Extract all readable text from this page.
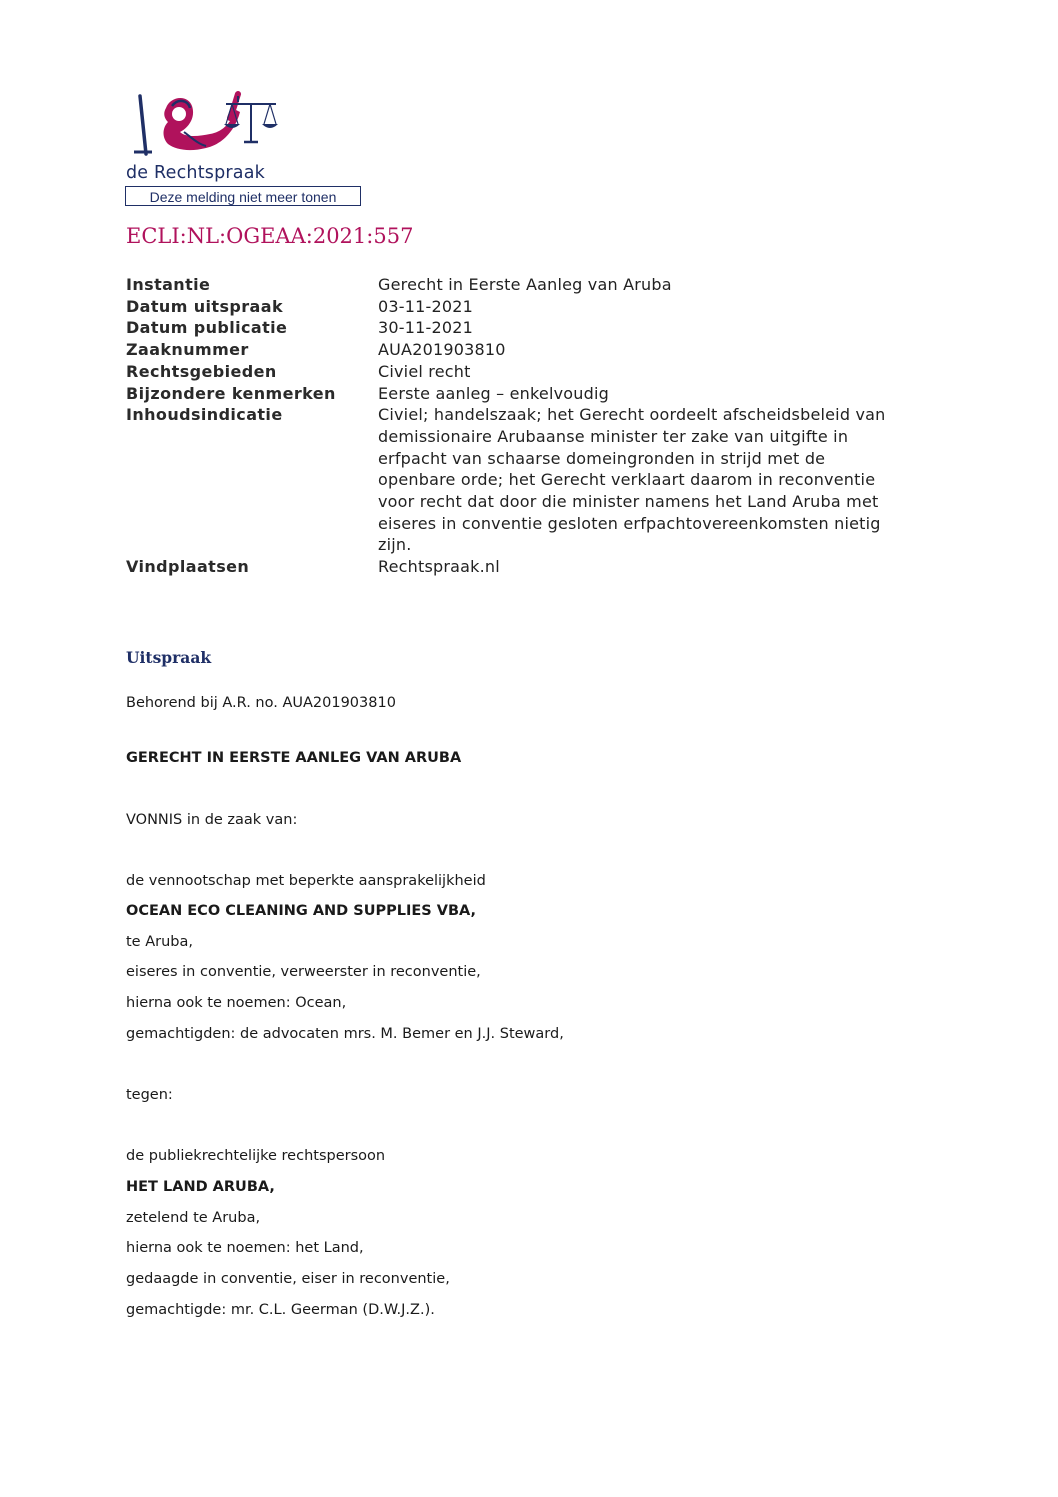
de Rechtspraak
Deze melding niet meer tonen
ECLI:NL:OGEAA:2021:557
Instantie	Gerecht in Eerste Aanleg van Aruba
Datum uitspraak	03-11-2021
Datum publicatie	30-11-2021
Zaaknummer	AUA201903810
Rechtsgebieden	Civiel recht
Bijzondere kenmerken	Eerste aanleg – enkelvoudig
Inhoudsindicatie	Civiel; handelszaak; het Gerecht oordeelt afscheidsbeleid van demissionaire Arubaanse minister ter zake van uitgifte in erfpacht van schaarse domeingronden in strijd met de openbare orde; het Gerecht verklaart daarom in reconventie voor recht dat door die minister namens het Land Aruba met eiseres in conventie gesloten erfpachtovereenkomsten nietig zijn.
Vindplaatsen	Rechtspraak.nl
Uitspraak
Behorend bij A.R. no. AUA201903810
GERECHT IN EERSTE AANLEG VAN ARUBA
VONNIS in de zaak van:
de vennootschap met beperkte aansprakelijkheid
OCEAN ECO CLEANING AND SUPPLIES VBA,
te Aruba,
eiseres in conventie, verweerster in reconventie,
hierna ook te noemen: Ocean,
gemachtigden: de advocaten mrs. M. Bemer en J.J. Steward,
tegen:
de publiekrechtelijke rechtspersoon
HET LAND ARUBA,
zetelend te Aruba,
hierna ook te noemen: het Land,
gedaagde in conventie, eiser in reconventie,
gemachtigde: mr. C.L. Geerman (D.W.J.Z.).
